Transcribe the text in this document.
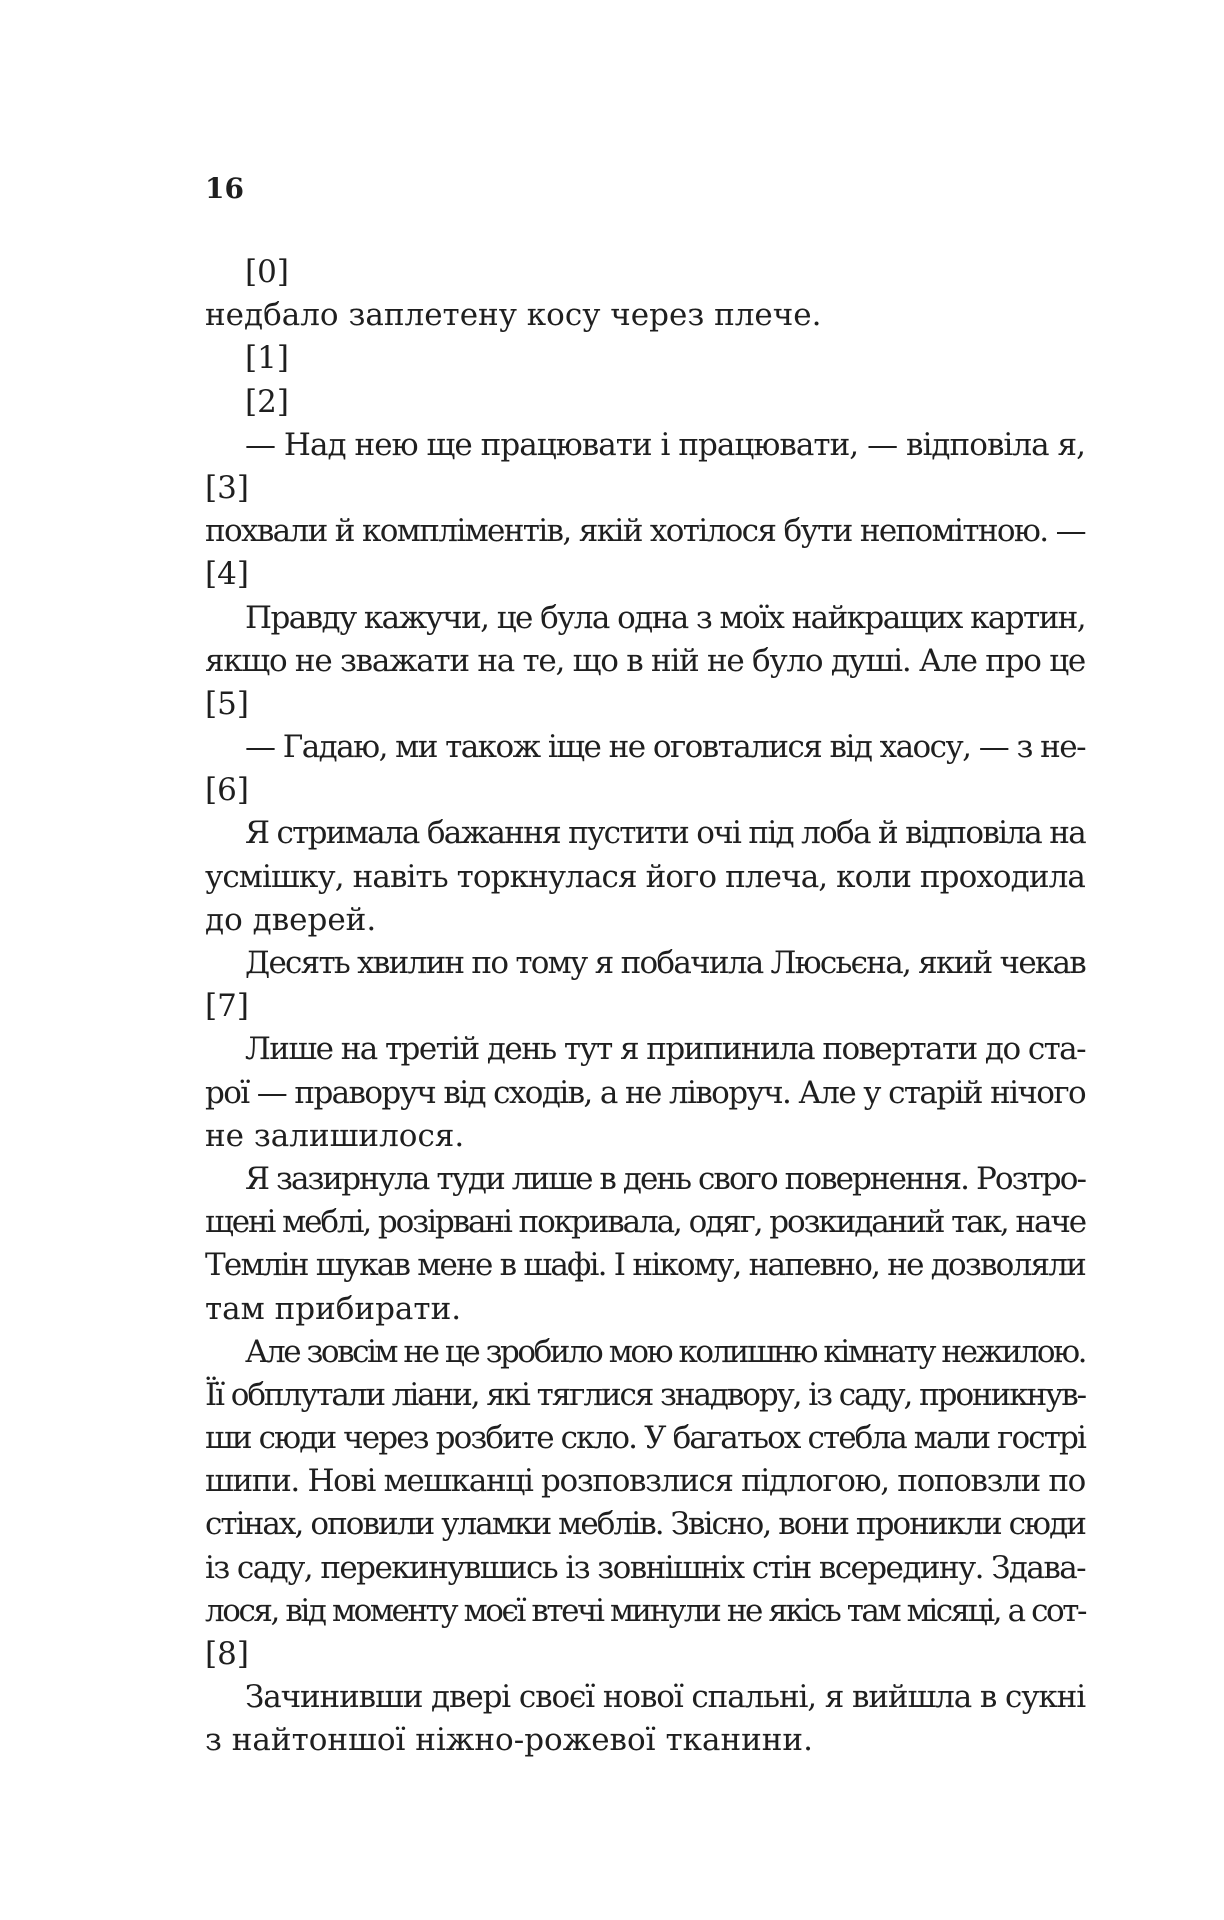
16
[0]
недбало заплетену косу через плече.
[1]
[2]
— Над нею ще працювати і працювати, — відповіла я,
[3]
похвали й компліментів, якій хотілося бути непомітною. —
[4]
Правду кажучи, це була одна з моїх найкращих картин,
якщо не зважати на те, що в ній не було душі. Але про це
[5]
— Гадаю, ми також іще не оговталися від хаосу, — з не-
[6]
Я стримала бажання пустити очі під лоба й відповіла на
усмішку, навіть торкнулася його плеча, коли проходила
до дверей.
Десять хвилин по тому я побачила Люсьєна, який чекав
[7]
Лише на третій день тут я припинила повертати до ста-
рої — праворуч від сходів, а не ліворуч. Але у старій нічого
не залишилося.
Я зазирнула туди лише в день свого повернення. Розтро-
щені меблі, розірвані покривала, одяг, розкиданий так, наче
Темлін шукав мене в шафі. І нікому, напевно, не дозволяли
там прибирати.
Але зовсім не це зробило мою колишню кімнату нежилою.
Її обплутали ліани, які тяглися знадвору, із саду, проникнув-
ши сюди через розбите скло. У багатьох стебла мали гострі
шипи. Нові мешканці розповзлися підлогою, поповзли по
стінах, оповили уламки меблів. Звісно, вони проникли сюди
із саду, перекинувшись із зовнішніх стін всередину. Здава-
лося, від моменту моєї втечі минули не якісь там місяці, а сот-
[8]
Зачинивши двері своєї нової спальні, я вийшла в сукні
з найтоншої ніжно-рожевої тканини.
